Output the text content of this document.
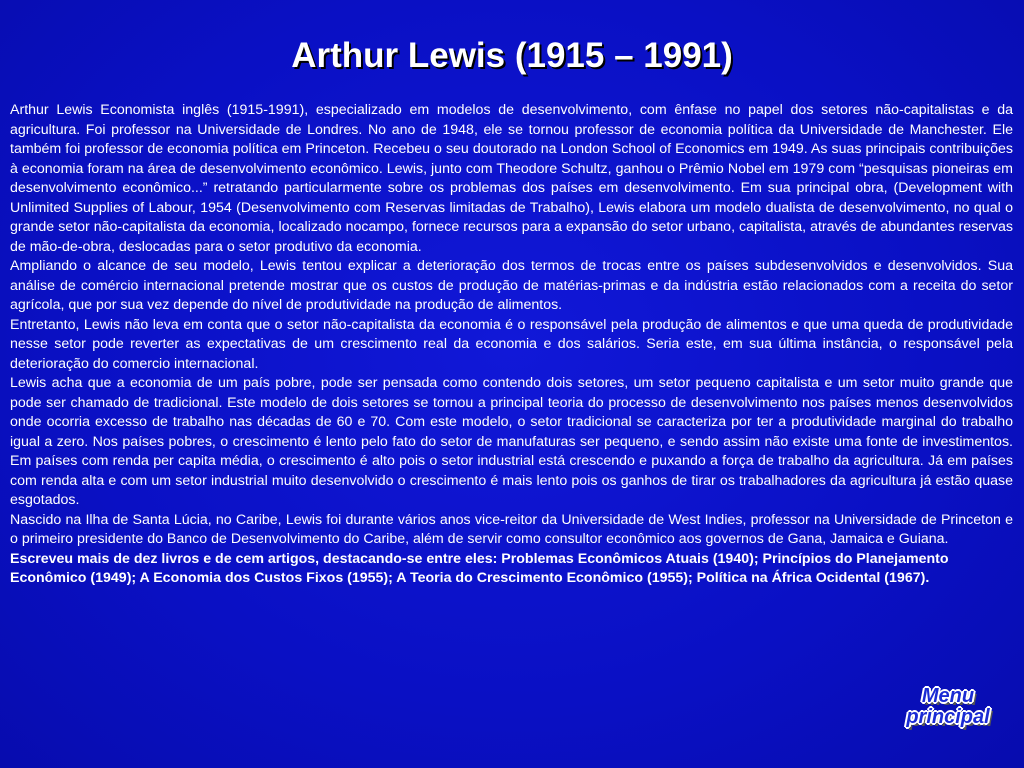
Arthur Lewis (1915 – 1991)

Arthur Lewis Economista inglês (1915-1991), especializado em modelos de desenvolvimento, com ênfase no papel dos setores não-capitalistas e da agricultura. Foi professor na Universidade de Londres. No ano de 1948, ele se tornou professor de economia política da Universidade de Manchester. Ele também foi professor de economia política em Princeton. Recebeu o seu doutorado na London School of Economics em 1949. As suas principais contribuições à economia foram na área de desenvolvimento econômico. Lewis, junto com Theodore Schultz, ganhou o Prêmio Nobel em 1979 com “pesquisas pioneiras em desenvolvimento econômico...” retratando particularmente sobre os problemas dos países em desenvolvimento. Em sua principal obra, (Development with Unlimited Supplies of Labour, 1954 (Desenvolvimento com Reservas limitadas de Trabalho), Lewis elabora um modelo dualista de desenvolvimento, no qual o grande setor não-capitalista da economia, localizado nocampo, fornece recursos para a expansão do setor urbano, capitalista, através de abundantes reservas de mão-de-obra, deslocadas para o setor produtivo da economia.

Ampliando o alcance de seu modelo, Lewis tentou explicar a deterioração dos termos de trocas entre os países subdesenvolvidos e desenvolvidos. Sua análise de comércio internacional pretende mostrar que os custos de produção de matérias-primas e da indústria estão relacionados com a receita do setor agrícola, que por sua vez depende do nível de produtividade na produção de alimentos.

Entretanto, Lewis não leva em conta que o setor não-capitalista da economia é o responsável pela produção de alimentos e que uma queda de produtividade nesse setor pode reverter as expectativas de um crescimento real da economia e dos salários. Seria este, em sua última instância, o responsável pela deterioração do comercio internacional.

Lewis acha que a economia de um país pobre, pode ser pensada como contendo dois setores, um setor pequeno capitalista e um setor muito grande que pode ser chamado de tradicional. Este modelo de dois setores se tornou a principal teoria do processo de desenvolvimento nos países menos desenvolvidos onde ocorria excesso de trabalho nas décadas de 60 e 70. Com este modelo, o setor tradicional se caracteriza por ter a produtividade marginal do trabalho igual a zero. Nos países pobres, o crescimento é lento pelo fato do setor de manufaturas ser pequeno, e sendo assim não existe uma fonte de investimentos. Em países com renda per capita média, o crescimento é alto pois o setor industrial está crescendo e puxando a força de trabalho da agricultura. Já em países com renda alta e com um setor industrial muito desenvolvido o crescimento é mais lento pois os ganhos de tirar os trabalhadores da agricultura já estão quase esgotados.

Nascido na Ilha de Santa Lúcia, no Caribe, Lewis foi durante vários anos vice-reitor da Universidade de West Indies, professor na Universidade de Princeton e o primeiro presidente do Banco de Desenvolvimento do Caribe, além de servir como consultor econômico aos governos de Gana, Jamaica e Guiana.

Escreveu mais de dez livros e de cem artigos, destacando-se entre eles: Problemas Econômicos Atuais (1940); Princípios do Planejamento Econômico (1949); A Economia dos Custos Fixos (1955); A Teoria do Crescimento Econômico (1955); Política na África Ocidental (1967).

Menu
principal
